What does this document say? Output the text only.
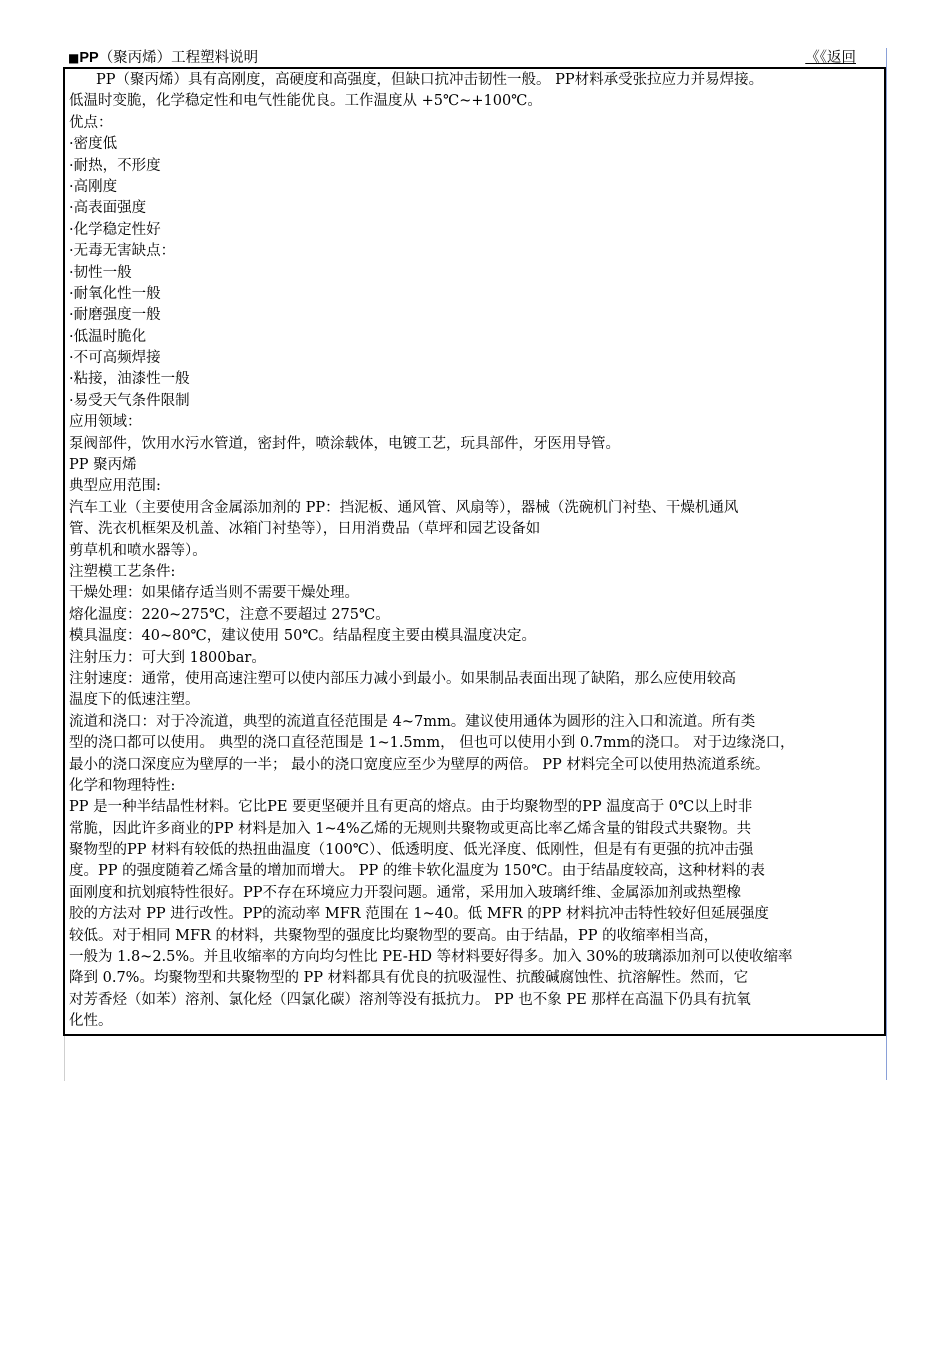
■PP（聚丙烯）工程塑料说明	《《返回
PP（聚丙烯）具有高刚度，高硬度和高强度，但缺口抗冲击韧性一般。 PP材料承受张拉应力并易焊接。
低温时变脆，化学稳定性和电气性能优良。工作温度从 +5℃~+100℃。
优点：
·密度低
·耐热，不形度
·高刚度
·高表面强度
·化学稳定性好
·无毒无害缺点：
·韧性一般
·耐氧化性一般
·耐磨强度一般
·低温时脆化
·不可高频焊接
·粘接，油漆性一般
·易受天气条件限制
应用领域：
泵阀部件，饮用水污水管道，密封件，喷涂载体，电镀工艺，玩具部件，牙医用导管。
PP 聚丙烯
典型应用范围:
汽车工业（主要使用含金属添加剂的 PP：挡泥板、通风管、风扇等），器械（洗碗机门衬垫、干燥机通风
管、洗衣机框架及机盖、冰箱门衬垫等），日用消费品（草坪和园艺设备如
剪草机和喷水器等）。
注塑模工艺条件:
干燥处理：如果储存适当则不需要干燥处理。
熔化温度：220~275℃，注意不要超过 275℃。
模具温度：40~80℃，建议使用 50℃。结晶程度主要由模具温度决定。
注射压力：可大到 1800bar。
注射速度：通常，使用高速注塑可以使内部压力减小到最小。如果制品表面出现了缺陷，那么应使用较高
温度下的低速注塑。
流道和浇口：对于冷流道，典型的流道直径范围是 4~7mm。建议使用通体为圆形的注入口和流道。所有类
型的浇口都可以使用。 典型的浇口直径范围是 1~1.5mm， 但也可以使用小到 0.7mm的浇口。 对于边缘浇口，
最小的浇口深度应为壁厚的一半； 最小的浇口宽度应至少为壁厚的两倍。 PP 材料完全可以使用热流道系统。
化学和物理特性:
PP 是一种半结晶性材料。它比PE 要更坚硬并且有更高的熔点。由于均聚物型的PP 温度高于 0℃以上时非
常脆，因此许多商业的PP 材料是加入 1~4%乙烯的无规则共聚物或更高比率乙烯含量的钳段式共聚物。共
聚物型的PP 材料有较低的热扭曲温度（100℃）、低透明度、低光泽度、低刚性，但是有有更强的抗冲击强
度。PP 的强度随着乙烯含量的增加而增大。 PP 的维卡软化温度为 150℃。由于结晶度较高，这种材料的表
面刚度和抗划痕特性很好。PP不存在环境应力开裂问题。通常，采用加入玻璃纤维、金属添加剂或热塑橡
胶的方法对 PP 进行改性。PP的流动率 MFR 范围在 1~40。低 MFR 的PP 材料抗冲击特性较好但延展强度
较低。对于相同 MFR 的材料，共聚物型的强度比均聚物型的要高。由于结晶，PP 的收缩率相当高，
一般为 1.8~2.5%。并且收缩率的方向均匀性比 PE-HD 等材料要好得多。加入 30%的玻璃添加剂可以使收缩率
降到 0.7%。均聚物型和共聚物型的 PP 材料都具有优良的抗吸湿性、抗酸碱腐蚀性、抗溶解性。然而，它
对芳香烃（如苯）溶剂、氯化烃（四氯化碳）溶剂等没有抵抗力。 PP 也不象 PE 那样在高温下仍具有抗氧
化性。
